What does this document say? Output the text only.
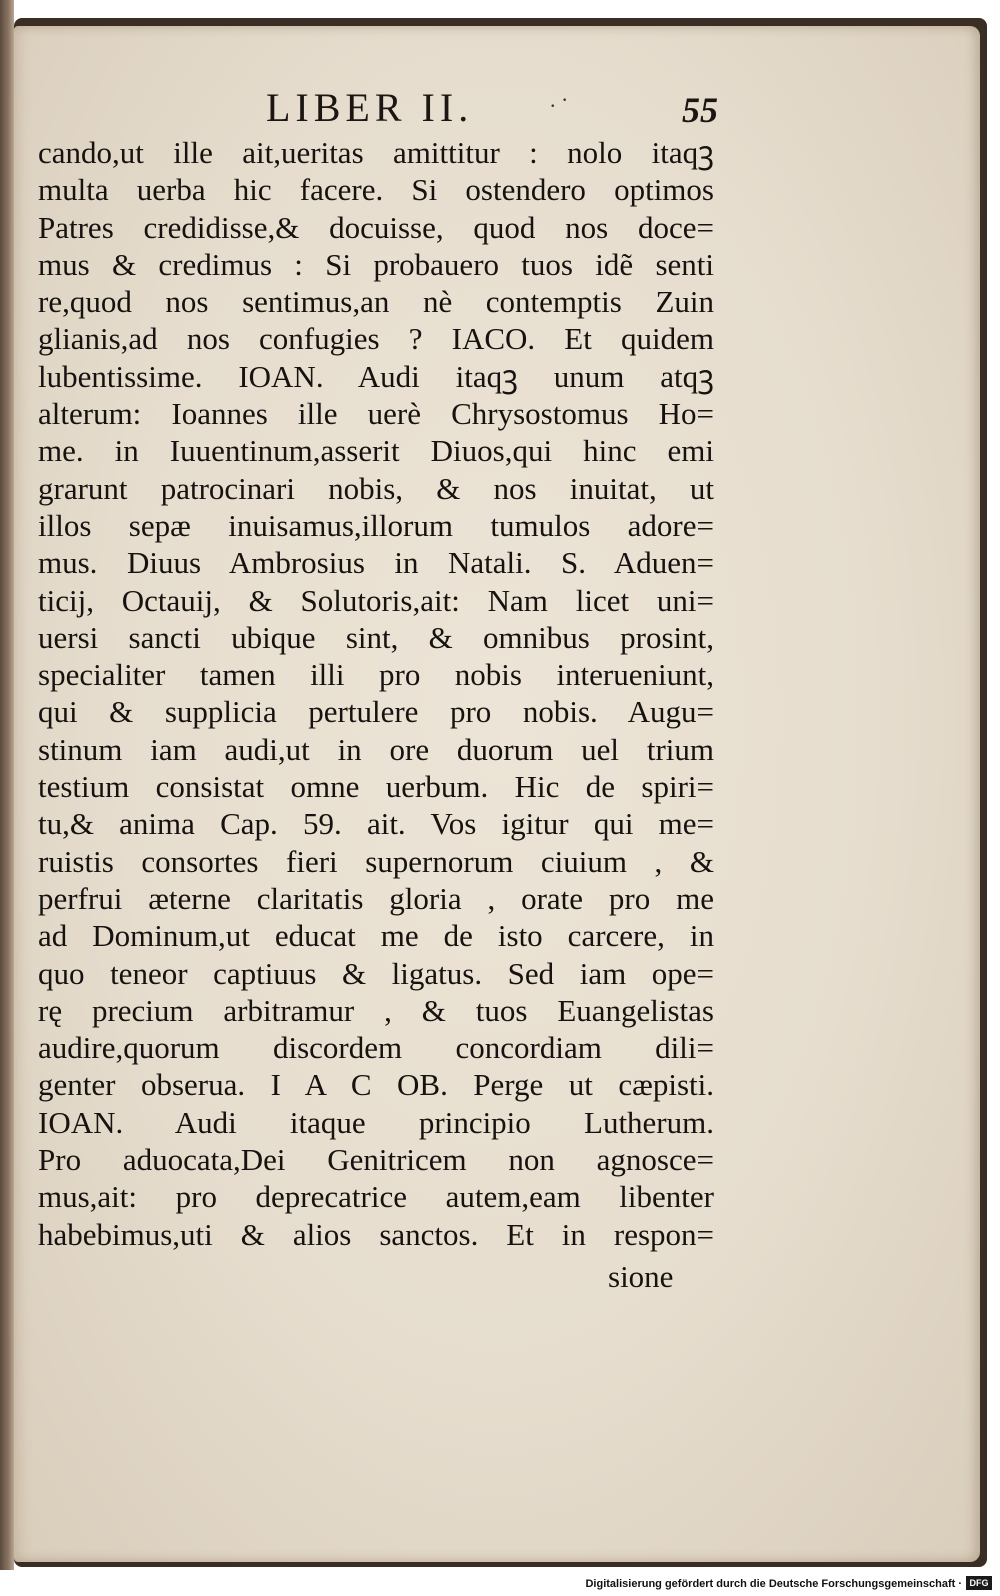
LIBER II.	. ·	55
cando,ut ille ait,ueritas amittitur : nolo itaqꝫ
multa uerba hic facere. Si ostendero optimos
Patres credidisse,& docuisse, quod nos doce=
mus & credimus : Si probauero tuos idẽ senti
re,quod nos sentimus,an nè contemptis Zuin
glianis,ad nos confugies ? IACO. Et quidem
lubentissime. IOAN. Audi itaqꝫ unum atqꝫ
alterum: Ioannes ille uerè Chrysostomus Ho=
me. in Iuuentinum,asserit Diuos,qui hinc emi
grarunt patrocinari nobis, & nos inuitat, ut
illos sepæ inuisamus,illorum tumulos adore=
mus. Diuus Ambrosius in Natali. S. Aduen=
ticij, Octauij, & Solutoris,ait: Nam licet uni=
uersi sancti ubique sint, & omnibus prosint,
specialiter tamen illi pro nobis interueniunt,
qui & supplicia pertulere pro nobis. Augu=
stinum iam audi,ut in ore duorum uel trium
testium consistat omne uerbum. Hic de spiri=
tu,& anima Cap. 59. ait. Vos igitur qui me=
ruistis consortes fieri supernorum ciuium , &
perfrui æterne claritatis gloria , orate pro me
ad Dominum,ut educat me de isto carcere, in
quo teneor captiuus & ligatus. Sed iam ope=
rę precium arbitramur , & tuos Euangelistas
audire,quorum discordem concordiam dili=
genter obserua. I A C OB. Perge ut cæpisti.
IOAN. Audi itaque principio Lutherum.
Pro aduocata,Dei Genitricem non agnosce=
mus,ait: pro deprecatrice autem,eam libenter
habebimus,uti & alios sanctos. Et in respon=
sione
Digitalisierung gefördert durch die Deutsche Forschungsgemeinschaft · DFG
